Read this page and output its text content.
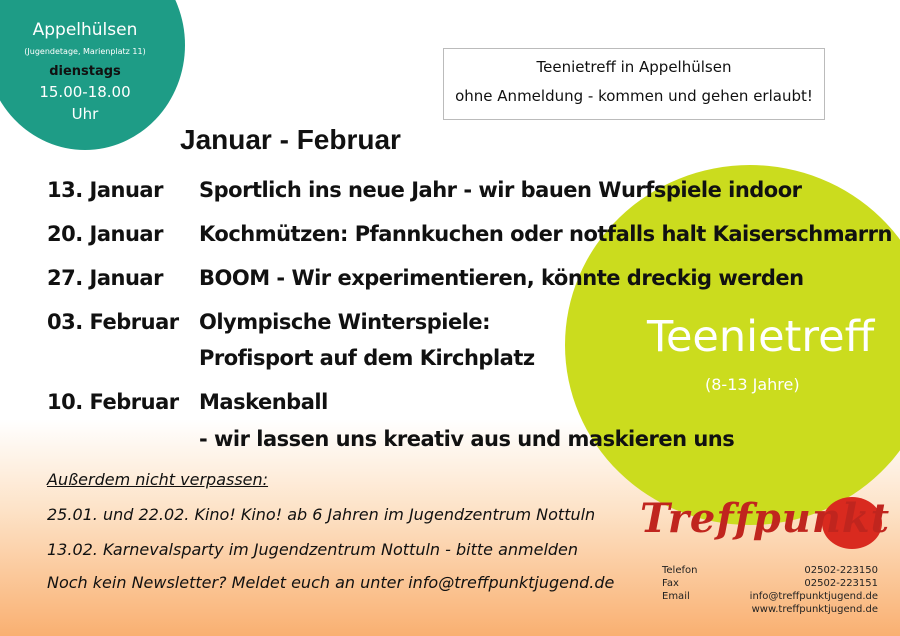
Appelhülsen
(Jugendetage, Marienplatz 11)
dienstags
15.00-18.00
Uhr
Teenietreff
(8-13 Jahre)
Teenietreff in Appelhülsen
ohne Anmeldung - kommen und gehen erlaubt!
Januar - Februar
13. Januar Sportlich ins neue Jahr - wir bauen Wurfspiele indoor
20. Januar Kochmützen: Pfannkuchen oder notfalls halt Kaiserschmarrn
27. Januar BOOM - Wir experimentieren, könnte dreckig werden
03. Februar Olympische Winterspiele:
Profisport auf dem Kirchplatz
10. Februar Maskenball
- wir lassen uns kreativ aus und maskieren uns
Außerdem nicht verpassen:
25.01. und 22.02. Kino! Kino! ab 6 Jahren im Jugendzentrum Nottuln
13.02. Karnevalsparty im Jugendzentrum Nottuln - bitte anmelden
Noch kein Newsletter? Meldet euch an unter info@treffpunktjugend.de
Treffpunkt
Telefon
Fax
Email
02502-223150
02502-223151
info@treffpunktjugend.de
www.treffpunktjugend.de
